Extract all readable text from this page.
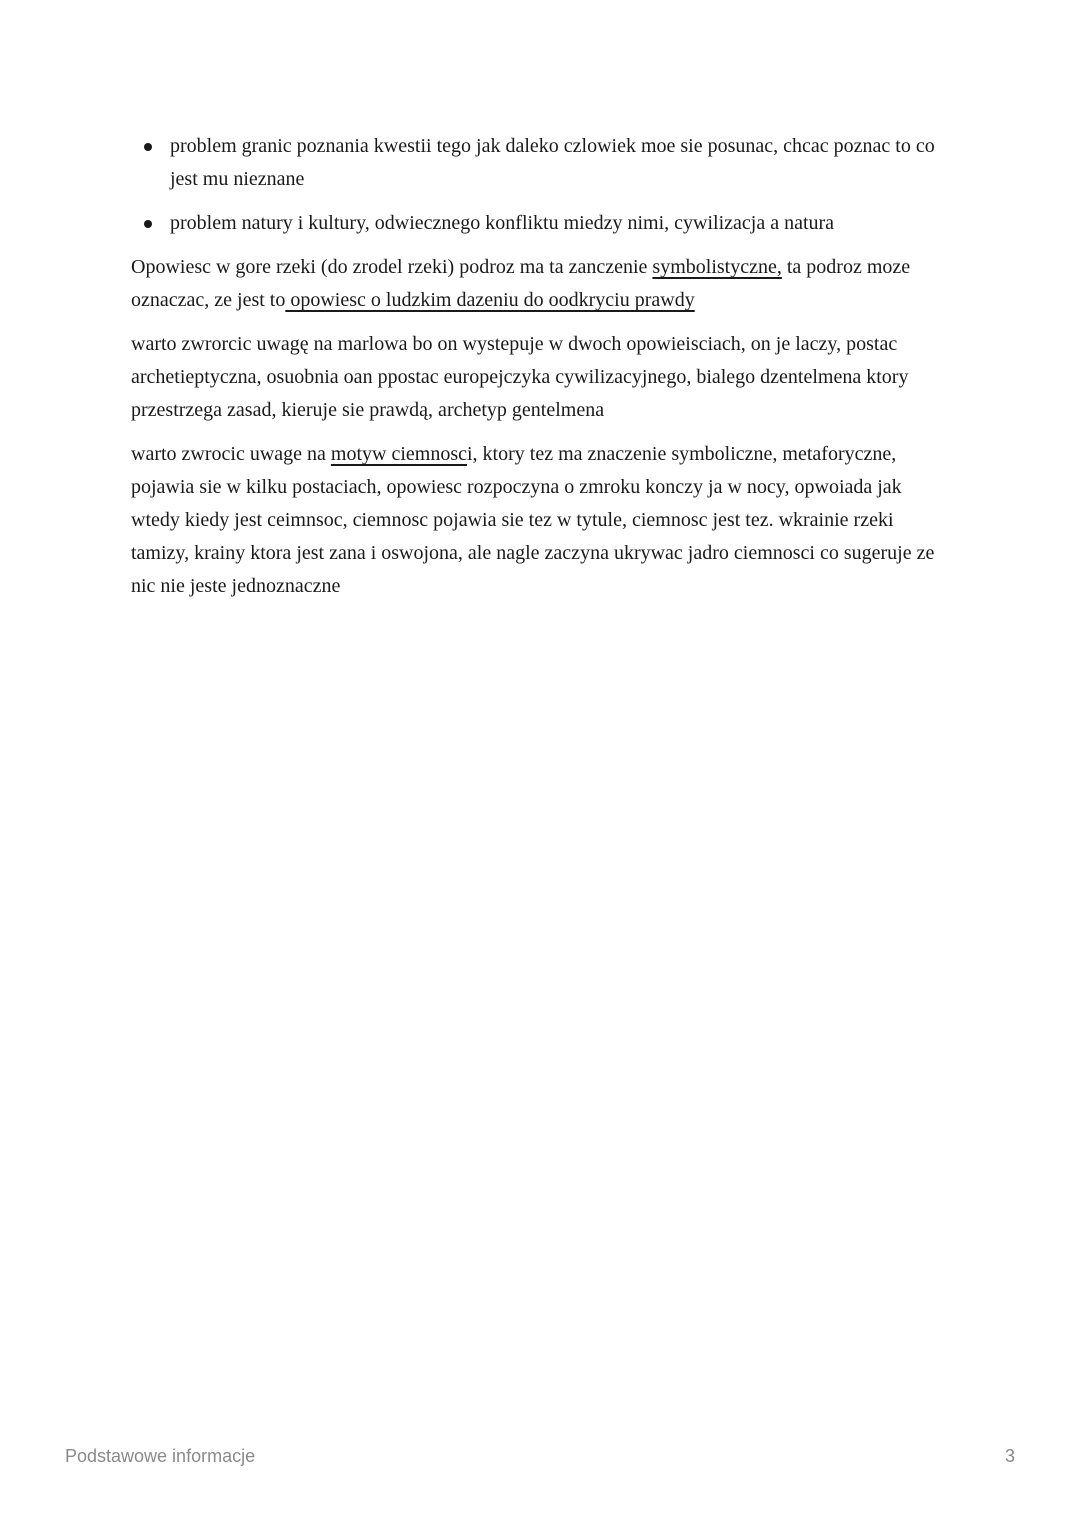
problem granic poznania kwestii tego jak daleko czlowiek moe sie posunac, chcac poznac to co jest mu nieznane
problem natury i kultury, odwiecznego konfliktu miedzy nimi, cywilizacja a natura

Opowiesc w gore rzeki (do zrodel rzeki) podroz ma ta zanczenie symbolistyczne, ta podroz moze oznaczac, ze jest to opowiesc o ludzkim dazeniu do oodkryciu prawdy

warto zwrorcic uwagę na marlowa bo on wystepuje w dwoch opowieisciach, on je laczy, postac archetieptyczna, osuobnia oan ppostac europejczyka cywilizacyjnego, bialego dzentelmena ktory przestrzega zasad, kieruje sie prawdą, archetyp gentelmena

warto zwrocic uwage na motyw ciemnosci, ktory tez ma znaczenie symboliczne, metaforyczne, pojawia sie w kilku postaciach, opowiesc rozpoczyna o zmroku konczy ja w nocy, opwoiada jak wtedy kiedy jest ceimnsoc, ciemnosc pojawia sie tez w tytule, ciemnosc jest tez. wkrainie rzeki tamizy, krainy ktora jest zana i oswojona, ale nagle zaczyna ukrywac jadro ciemnosci co sugeruje ze nic nie jeste jednoznaczne

Podstawowe informacje	3
